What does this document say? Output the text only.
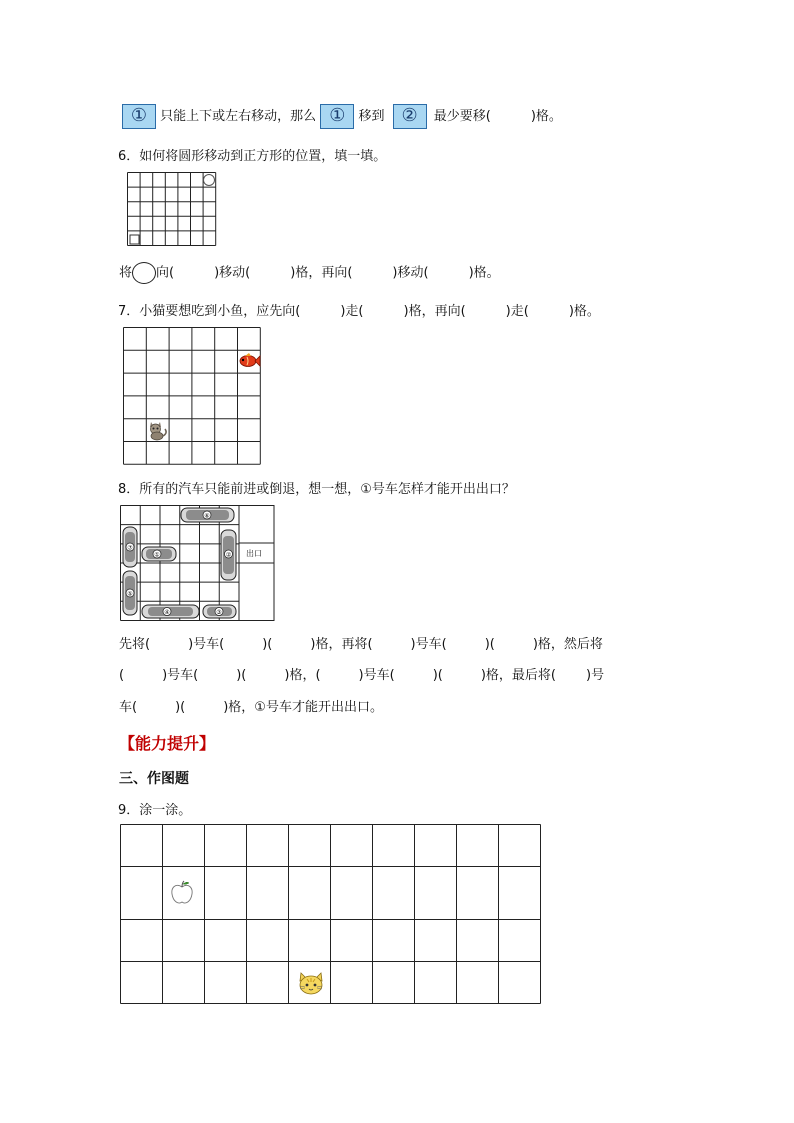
① 只能上下或左右移动，那么 ① 移到 ② 最少要移(	)格。
6．如何将圆形移动到正方形的位置，填一填。
将 向(	)移动(	)格，再向(	)移动(	)格。
7．小猫要想吃到小鱼，应先向(	)走(	)格，再向(	)走(	)格。
8．所有的汽车只能前进或倒退，想一想，①号车怎样才能开出出口？
出口
⑥
⑦
①	②
⑤
④	③
先将(	)号车(	)(	)格，再将(	)号车(	)(	)格，然后将
(	)号车(	)(	)格，(	)号车(	)(	)格，最后将( )号
车(	)(	)格，①号车才能开出出口。
【能力提升】
三、作图题
9．涂一涂。
